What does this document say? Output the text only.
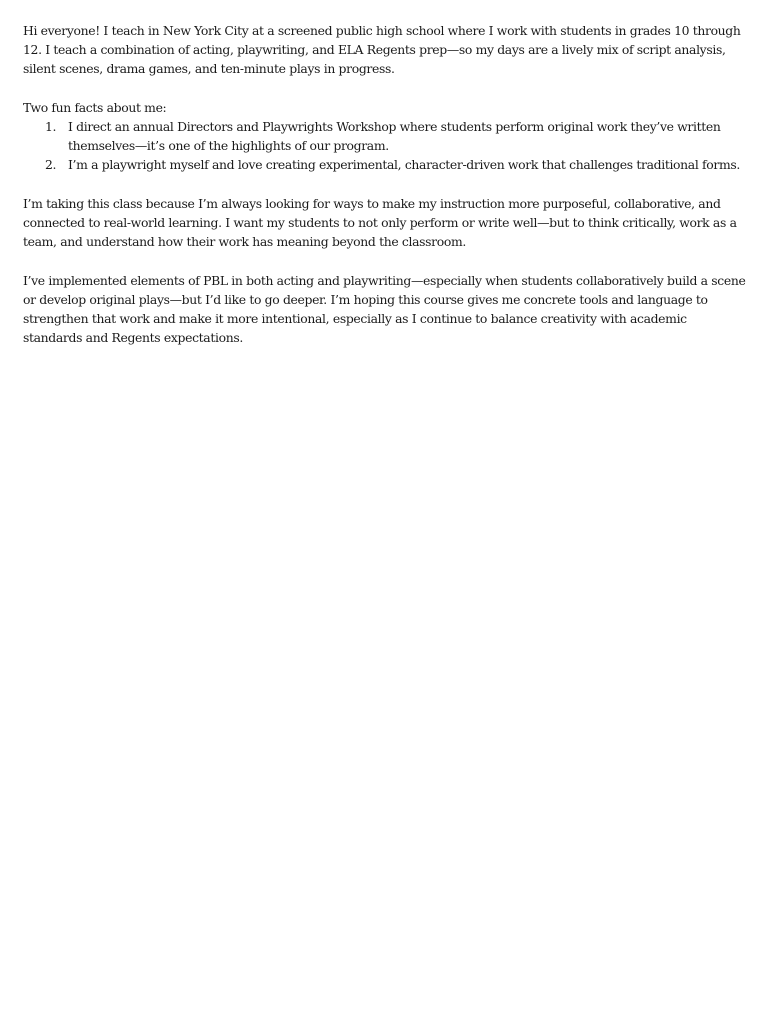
Hi everyone! I teach in New York City at a screened public high school where I work with students in grades 10 through 12. I teach a combination of acting, playwriting, and ELA Regents prep—so my days are a lively mix of script analysis, silent scenes, drama games, and ten-minute plays in progress.

Two fun facts about me:

1. I direct an annual Directors and Playwrights Workshop where students perform original work they’ve written themselves—it’s one of the highlights of our program.
2. I’m a playwright myself and love creating experimental, character-driven work that challenges traditional forms.

I’m taking this class because I’m always looking for ways to make my instruction more purposeful, collaborative, and connected to real-world learning. I want my students to not only perform or write well—but to think critically, work as a team, and understand how their work has meaning beyond the classroom.

I’ve implemented elements of PBL in both acting and playwriting—especially when students collaboratively build a scene or develop original plays—but I’d like to go deeper. I’m hoping this course gives me concrete tools and language to strengthen that work and make it more intentional, especially as I continue to balance creativity with academic standards and Regents expectations.
